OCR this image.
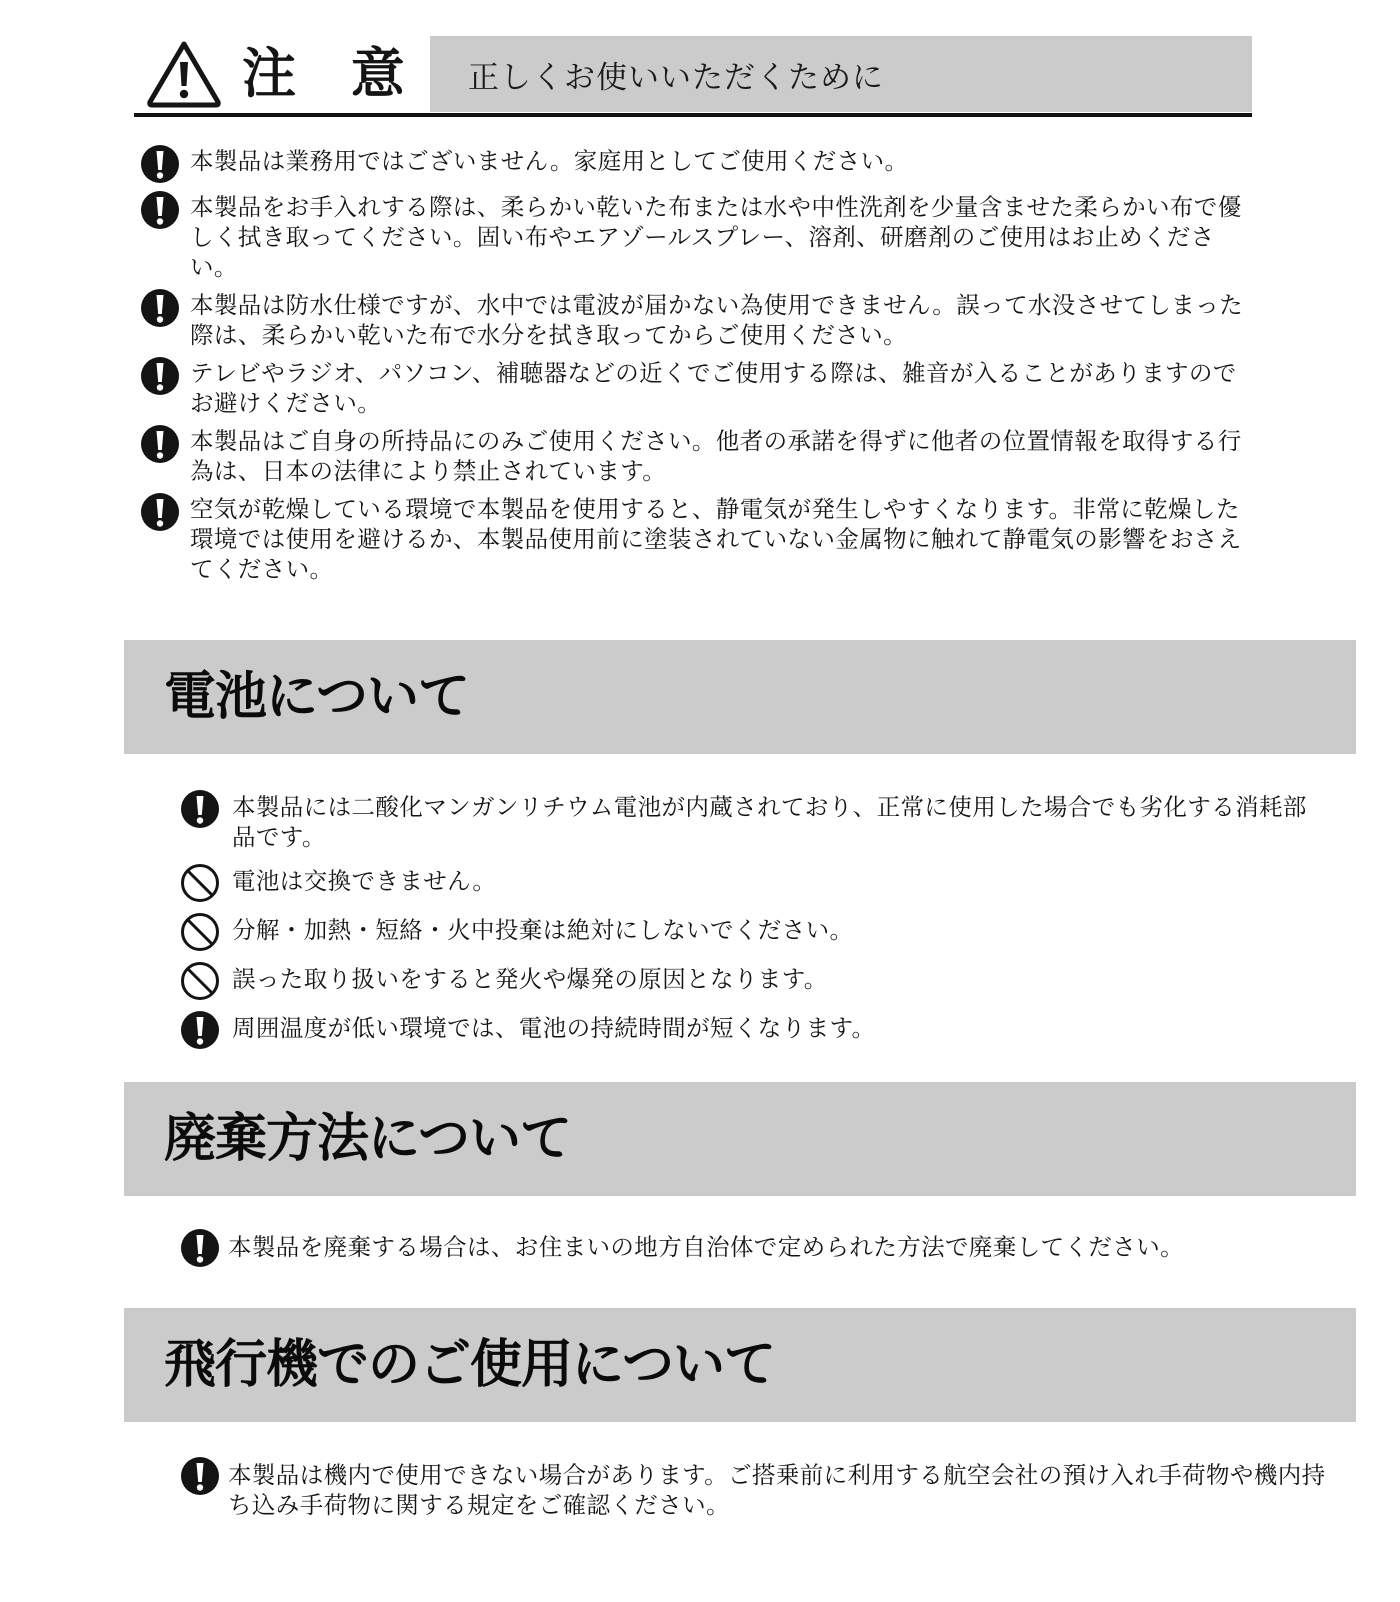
注 意 正しくお使いいただくために
本製品は業務用ではございません。家庭用としてご使用ください。
本製品をお手入れする際は、柔らかい乾いた布または水や中性洗剤を少量含ませた柔らかい布で優しく拭き取ってください。固い布やエアゾールスプレー、溶剤、研磨剤のご使用はお止めください。
本製品は防水仕様ですが、水中では電波が届かない為使用できません。誤って水没させてしまった際は、柔らかい乾いた布で水分を拭き取ってからご使用ください。
テレビやラジオ、パソコン、補聴器などの近くでご使用する際は、雑音が入ることがありますのでお避けください。
本製品はご自身の所持品にのみご使用ください。他者の承諾を得ずに他者の位置情報を取得する行為は、日本の法律により禁止されています。
空気が乾燥している環境で本製品を使用すると、静電気が発生しやすくなります。非常に乾燥した環境では使用を避けるか、本製品使用前に塗装されていない金属物に触れて静電気の影響をおさえてください。
電池について
本製品には二酸化マンガンリチウム電池が内蔵されており、正常に使用した場合でも劣化する消耗部品です。
電池は交換できません。
分解・加熱・短絡・火中投棄は絶対にしないでください。
誤った取り扱いをすると発火や爆発の原因となります。
周囲温度が低い環境では、電池の持続時間が短くなります。
廃棄方法について
本製品を廃棄する場合は、お住まいの地方自治体で定められた方法で廃棄してください。
飛行機でのご使用について
本製品は機内で使用できない場合があります。ご搭乗前に利用する航空会社の預け入れ手荷物や機内持ち込み手荷物に関する規定をご確認ください。
